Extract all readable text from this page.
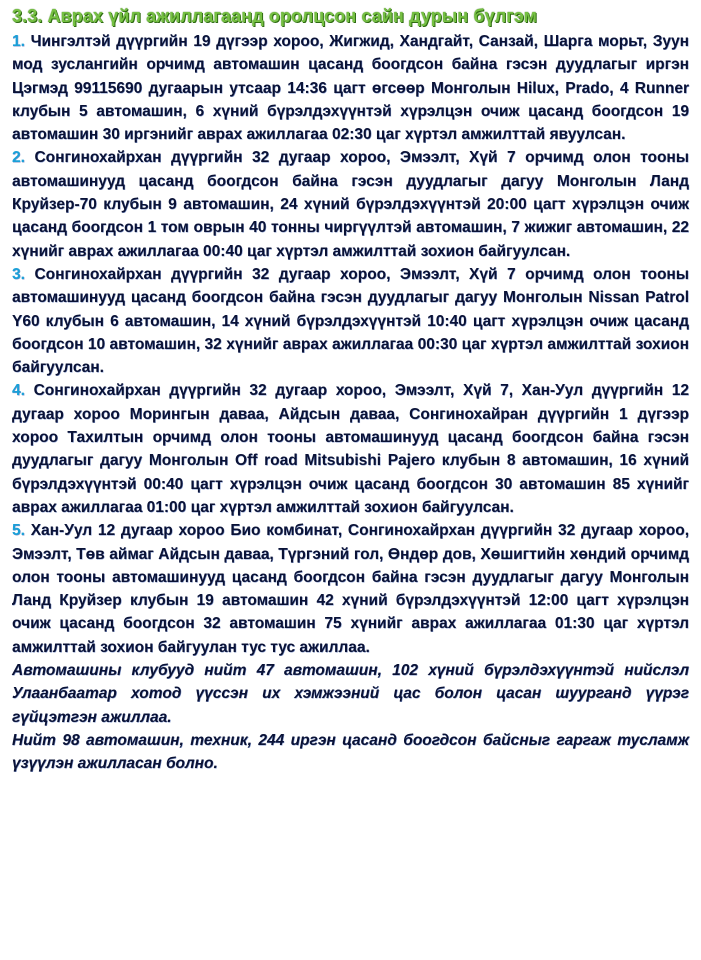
3.3. Аврах үйл ажиллагаанд оролцсон сайн дурын бүлгэм

1. Чингэлтэй дүүргийн 19 дүгээр хороо, Жигжид, Хандгайт, Санзай, Шарга морьт, Зуун мод зуслангийн орчимд автомашин цасанд боогдсон байна гэсэн дуудлагыг иргэн Цэгмэд 99115690 дугаарын утсаар 14:36 цагт өгсөөр Монголын Hilux, Prado, 4 Runner клубын 5 автомашин, 6 хүний бүрэлдэхүүнтэй хүрэлцэн очиж цасанд боогдсон 19 автомашин 30 иргэнийг аврах ажиллагаа 02:30 цаг хүртэл амжилттай явуулсан.

2. Сонгинохайрхан дүүргийн 32 дугаар хороо, Эмээлт, Хүй 7 орчимд олон тооны автомашинууд цасанд боогдсон байна гэсэн дуудлагыг дагуу Монголын Ланд Круйзер-70 клубын 9 автомашин, 24 хүний бүрэлдэхүүнтэй 20:00 цагт хүрэлцэн очиж цасанд боогдсон 1 том оврын 40 тонны чиргүүлтэй автомашин, 7 жижиг автомашин, 22 хүнийг аврах ажиллагаа 00:40 цаг хүртэл амжилттай зохион байгуулсан.

3. Сонгинохайрхан дүүргийн 32 дугаар хороо, Эмээлт, Хүй 7 орчимд олон тооны автомашинууд цасанд боогдсон байна гэсэн дуудлагыг дагуу Монголын Nissan Patrol Y60 клубын 6 автомашин, 14 хүний бүрэлдэхүүнтэй 10:40 цагт хүрэлцэн очиж цасанд боогдсон 10 автомашин, 32 хүнийг аврах ажиллагаа 00:30 цаг хүртэл амжилттай зохион байгуулсан.

4. Сонгинохайрхан дүүргийн 32 дугаар хороо, Эмээлт, Хүй 7, Хан-Уул дүүргийн 12 дугаар хороо Морингын даваа, Айдсын даваа, Сонгинохайран дүүргийн 1 дүгээр хороо Тахилтын орчимд олон тооны автомашинууд цасанд боогдсон байна гэсэн дуудлагыг дагуу Монголын Off road Mitsubishi Pajero клубын 8 автомашин, 16 хүний бүрэлдэхүүнтэй 00:40 цагт хүрэлцэн очиж цасанд боогдсон 30 автомашин 85 хүнийг аврах ажиллагаа 01:00 цаг хүртэл амжилттай зохион байгуулсан.

5. Хан-Уул 12 дугаар хороо Био комбинат, Сонгинохайрхан дүүргийн 32 дугаар хороо, Эмээлт, Төв аймаг Айдсын даваа, Түргэний гол, Өндөр дов, Хөшигтийн хөндий орчимд олон тооны автомашинууд цасанд боогдсон байна гэсэн дуудлагыг дагуу Монголын Ланд Круйзер клубын 19 автомашин 42 хүний бүрэлдэхүүнтэй 12:00 цагт хүрэлцэн очиж цасанд боогдсон 32 автомашин 75 хүнийг аврах ажиллагаа 01:30 цаг хүртэл амжилттай зохион байгуулан тус тус ажиллаа.

Автомашины клубууд нийт 47 автомашин, 102 хүний бүрэлдэхүүнтэй нийслэл Улаанбаатар хотод үүссэн их хэмжээний цас болон цасан шуурганд үүрэг гүйцэтгэн ажиллаа.

Нийт 98 автомашин, техник, 244 иргэн цасанд боогдсон байсныг гаргаж тусламж үзүүлэн ажилласан болно.
